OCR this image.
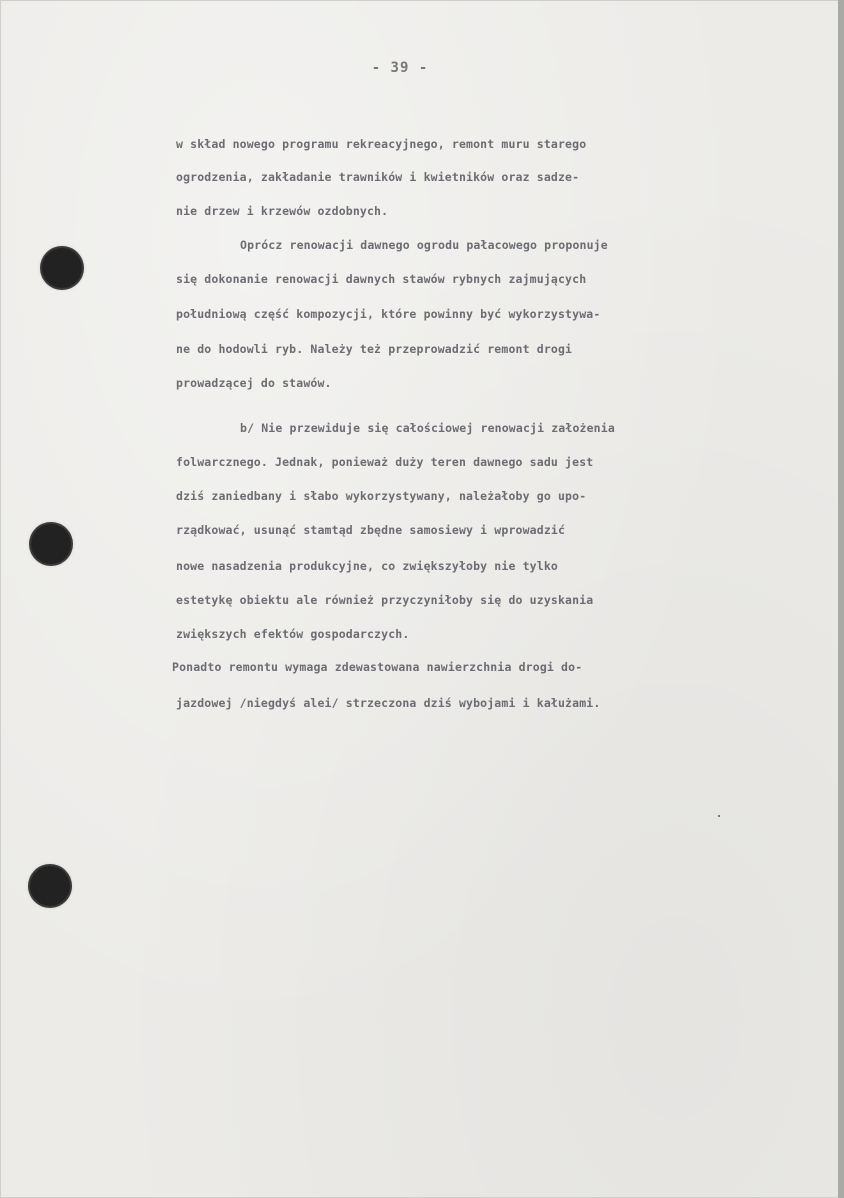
- 39 -
w skład nowego programu rekreacyjnego, remont muru starego
ogrodzenia, zakładanie trawników i kwietników oraz sadze-
nie drzew i krzewów ozdobnych.
Oprócz renowacji dawnego ogrodu pałacowego proponuje
się dokonanie renowacji dawnych stawów rybnych zajmujących
południową część kompozycji, które powinny być wykorzystywa-
ne do hodowli ryb. Należy też przeprowadzić remont drogi
prowadzącej do stawów.
b/ Nie przewiduje się całościowej renowacji założenia
folwarcznego. Jednak, ponieważ duży teren dawnego sadu jest
dziś zaniedbany i słabo wykorzystywany, należałoby go upo-
rządkować, usunąć stamtąd zbędne samosiewy i wprowadzić
nowe nasadzenia produkcyjne, co zwiększyłoby nie tylko
estetykę obiektu ale również przyczyniłoby się do uzyskania
zwiększych efektów gospodarczych.
Ponadto remontu wymaga zdewastowana nawierzchnia drogi do-
jazdowej /niegdyś alei/ strzeczona dziś wybojami i kałużami.
